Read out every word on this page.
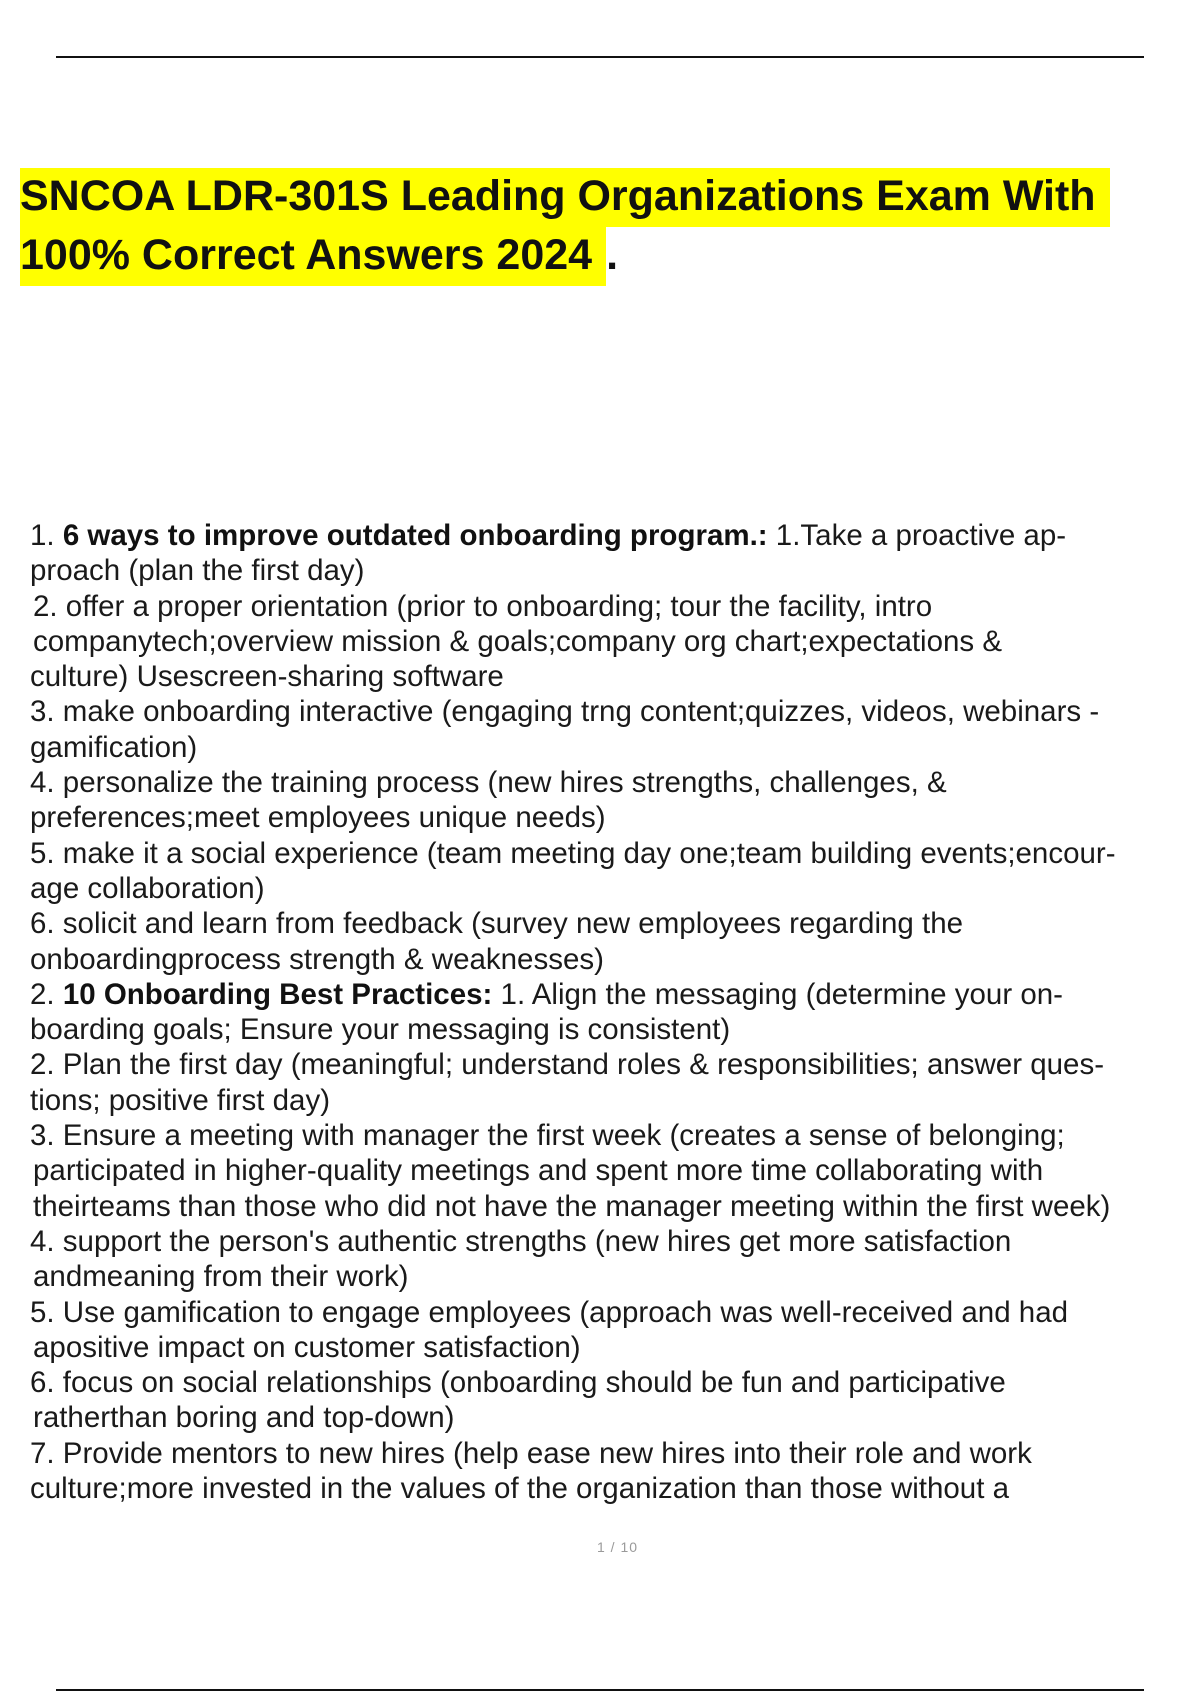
SNCOA LDR-301S Leading Organizations Exam With
100% Correct Answers 2024 .
1. 6 ways to improve outdated onboarding program.: 1.Take a proactive ap-
proach (plan the first day)
2. offer a proper orientation (prior to onboarding; tour the facility, intro
companytech;overview mission & goals;company org chart;expectations &
culture) Usescreen-sharing software
3. make onboarding interactive (engaging trng content;quizzes, videos, webinars -
gamification)
4. personalize the training process (new hires strengths, challenges, &
preferences;meet employees unique needs)
5. make it a social experience (team meeting day one;team building events;encour-
age collaboration)
6. solicit and learn from feedback (survey new employees regarding the
onboardingprocess strength & weaknesses)
2. 10 Onboarding Best Practices: 1. Align the messaging (determine your on-
boarding goals; Ensure your messaging is consistent)
2. Plan the first day (meaningful; understand roles & responsibilities; answer ques-
tions; positive first day)
3. Ensure a meeting with manager the first week (creates a sense of belonging;
participated in higher-quality meetings and spent more time collaborating with
theirteams than those who did not have the manager meeting within the first week)
4. support the person's authentic strengths (new hires get more satisfaction
andmeaning from their work)
5. Use gamification to engage employees (approach was well-received and had
apositive impact on customer satisfaction)
6. focus on social relationships (onboarding should be fun and participative
ratherthan boring and top-down)
7. Provide mentors to new hires (help ease new hires into their role and work
culture;more invested in the values of the organization than those without a
1 / 10
